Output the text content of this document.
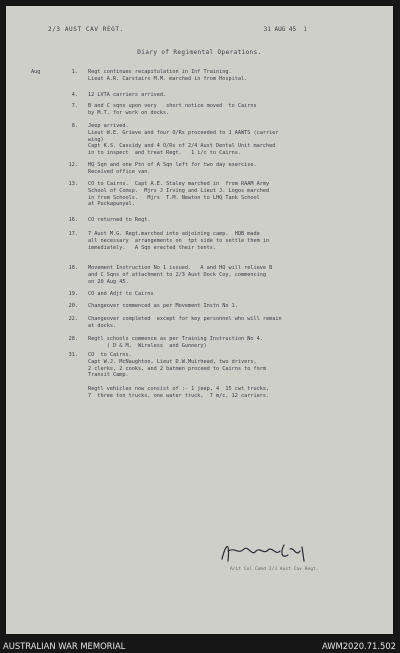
2/3 AUST CAV REGT.	31 AUG 45 1
Diary of Regimental Operations.
Aug	1. Regt continues recapitulation in Inf Training.
Lieut A.R. Carstairs M.M. marched in from Hospital.
4. 12 LVTA carriers arrived.
7. B and C sqns upon very   short notice moved  to Cairns
by M.T. for work on docks.
8. Jeep arrived.
Lieut W.E. Grieve and four O/Rs proceeded to 1 AAWTS (carrier
wing)
Capt K.S. Cassidy and 4 O/Rs of 2/4 Aust Dental Unit marched
in to inspect  and treat Regt.   1 i/c to Cairns.
12. HQ Sqn and one Ptn of A Sqn left for two day exercise.
Received office van.
13. CO to Cairns.  Capt A.E. Staley marched in  from RAAM Army
School of Comsp.  Mjrs J Irving and Lieut J. Logos marched
in from Schools.   Mjrs  T.M. Newton to LHQ Tank School
at Puckapunyal.
16. CO returned to Regt.
17. 7 Aust M.G. Regt.marched into adjoining camp.  HQB made
all necessary  arrangements on  tpt side to settle them in
immediately.   A Sqn erected their tents.
18. Movement Instruction No 1 issued.   A and HQ will relieve B
and C Sqns of attachment to 2/3 Aust Dock Coy, commencing
on 20 Aug 45.
19. CO and Adjt to Cairns
20. Changeover commenced as per Movement Instn No 1.
22. Changeover completed  except for key personnel who will remain
at docks.
28. Regtl schools commence as per Training Instruction No 4.
( D & M,  Wireless  and Gunnery)
31. CO  to Cairns.
Capt W.J. McNaughton, Lieut D.W.Muirhead, two drivers,
2 clerks, 2 cooks, and 2 batmen proceed to Cairns to form
Transit Camp.
Regtl vehicles now consist of :- 1 jeep, 4  15 cwt trucks,
7  three ton trucks, one water truck,  7 m/c, 12 carriers.
A/Lt Col Comd 2/3 Aust Cav Regt.
AUSTRALIAN WAR MEMORIAL	AWM2020.71.502
